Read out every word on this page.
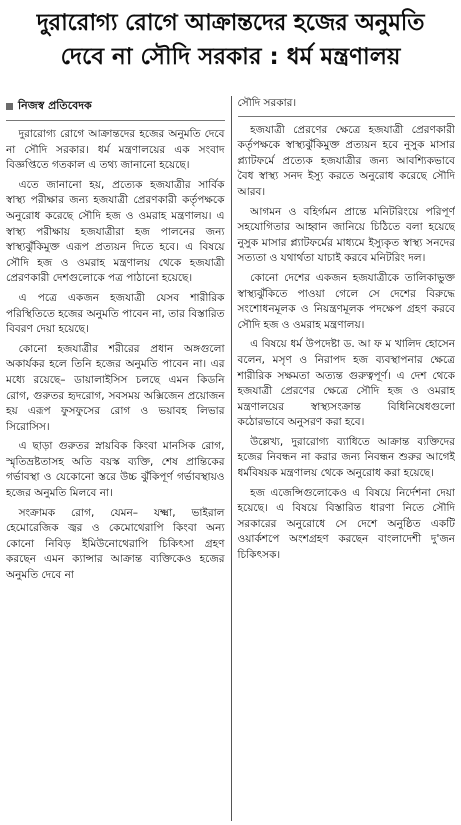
দুরারোগ্য রোগে আক্রান্তদের হজের অনুমতি
দেবে না সৌদি সরকার : ধর্ম মন্ত্রণালয়
নিজস্ব প্রতিবেদক

দুরারোগ্য রোগে আক্রান্তদের হজের অনুমতি দেবে না সৌদি সরকার। ধর্ম মন্ত্রণালয়ের এক সংবাদ বিজ্ঞপ্তিতে গতকাল এ তথ্য জানানো হয়েছে।

এতে জানানো হয়, প্রত্যেক হজযাত্রীর সার্বিক স্বাস্থ্য পরীক্ষার জন্য হজযাত্রী প্রেরণকারী কর্তৃপক্ষকে অনুরোধ করেছে সৌদি হজ ও ওমরাহ মন্ত্রণালয়। এ স্বাস্থ্য পরীক্ষায় হজযাত্রীরা হজ পালনের জন্য স্বাস্থ্যঝুঁকিমুক্ত এরূপ প্রত্যয়ন দিতে হবে। এ বিষয়ে সৌদি হজ ও ওমরাহ মন্ত্রণালয় থেকে হজযাত্রী প্রেরণকারী দেশগুলোকে পত্র পাঠানো হয়েছে।

এ পত্রে একজন হজযাত্রী যেসব শারীরিক পরিস্থিতিতে হজের অনুমতি পাবেন না, তার বিস্তারিত বিবরণ দেয়া হয়েছে।

কোনো হজযাত্রীর শরীরের প্রধান অঙ্গগুলো অকার্যকর হলে তিনি হজের অনুমতি পাবেন না। এর মধ্যে রয়েছে– ডায়ালাইসিস চলছে এমন কিডনি রোগ, গুরুতর হৃদরোগ, সবসময় অক্সিজেন প্রয়োজন হয় এরূপ ফুসফুসের রোগ ও ভয়াবহ লিভার সিরোসিস।

এ ছাড়া গুরুতর স্নায়বিক কিংবা মানসিক রোগ, স্মৃতিভ্রষ্টতাসহ অতি বয়স্ক ব্যক্তি, শেষ প্রান্তিকের গর্ভাবস্থা ও যেকোনো স্তরে উচ্চ ঝুঁকিপূর্ণ গর্ভাবস্থায়ও হজের অনুমতি মিলবে না।

সংক্রামক রোগ, যেমন– যক্ষ্মা, ভাইরাল হেমোরেজিক জ্বর ও কেমোথেরাপি কিংবা অন্য কোনো নিবিড় ইমিউনোথেরাপি চিকিৎসা গ্রহণ করছেন এমন ক্যান্সার আক্রান্ত ব্যক্তিকেও হজের অনুমতি দেবে না

সৌদি সরকার।

হজযাত্রী প্রেরণের ক্ষেত্রে হজযাত্রী প্রেরণকারী কর্তৃপক্ষকে স্বাস্থ্যঝুঁকিমুক্ত প্রত্যয়ন হবে নুসুক মাসার প্ল্যাটফর্মে প্রত্যেক হজযাত্রীর জন্য আবশ্যিকভাবে বৈধ স্বাস্থ্য সনদ ইস্যু করতে অনুরোধ করেছে সৌদি আরব।

আগমন ও বহির্গমন প্রান্তে মনিটরিংয়ে পরিপূর্ণ সহযোগিতার আহ্বান জানিয়ে চিঠিতে বলা হয়েছে নুসুক মাসার প্ল্যাটফর্মের মাধ্যমে ইস্যুকৃত স্বাস্থ্য সনদের সত্যতা ও যথার্থতা যাচাই করবে মনিটরিং দল।

কোনো দেশের একজন হজযাত্রীকে তালিকাভুক্ত স্বাস্থ্যঝুঁকিতে পাওয়া গেলে সে দেশের বিরুদ্ধে সংশোধনমূলক ও নিয়ন্ত্রণমূলক পদক্ষেপ গ্রহণ করবে সৌদি হজ ও ওমরাহ মন্ত্রণালয়।

এ বিষয়ে ধর্ম উপদেষ্টা ড. আ ফ ম খালিদ হোসেন বলেন, মসৃণ ও নিরাপদ হজ ব্যবস্থাপনার ক্ষেত্রে শারীরিক সক্ষমতা অত্যন্ত গুরুত্বপূর্ণ। এ দেশ থেকে হজযাত্রী প্রেরণের ক্ষেত্রে সৌদি হজ ও ওমরাহ মন্ত্রণালয়ের স্বাস্থ্যসংক্রান্ত বিধিনিষেধগুলো কঠোরভাবে অনুসরণ করা হবে।

উল্লেখ্য, দুরারোগ্য ব্যাধিতে আক্রান্ত ব্যক্তিদের হজের নিবন্ধন না করার জন্য নিবন্ধন শুরুর আগেই ধর্মবিষয়ক মন্ত্রণালয় থেকে অনুরোধ করা হয়েছে।

হজ এজেন্সিগুলোকেও এ বিষয়ে নির্দেশনা দেয়া হয়েছে। এ বিষয়ে বিস্তারিত ধারণা নিতে সৌদি সরকারের অনুরোধে সে দেশে অনুষ্ঠিত একটি ওয়ার্কশপে অংশগ্রহণ করছেন বাংলাদেশী দু'জন চিকিৎসক।
